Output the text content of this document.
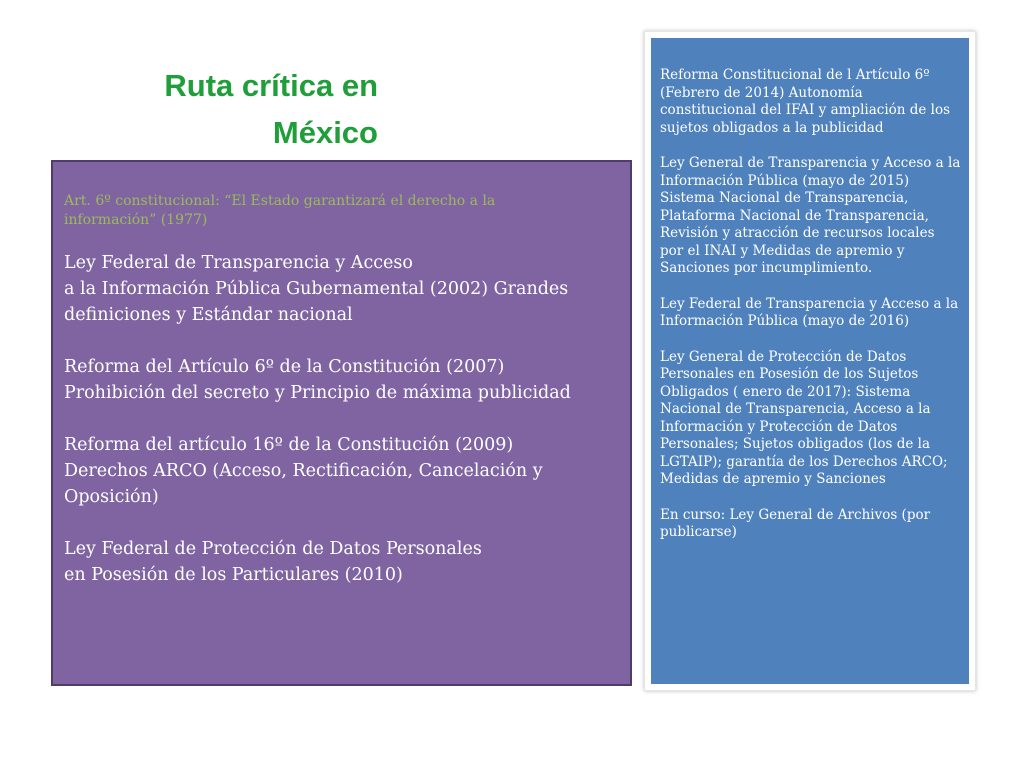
Ruta crítica en
México

Art. 6º constitucional: “El Estado garantizará el derecho a la
información” (1977)

Ley Federal de Transparencia y Acceso
a la Información Pública Gubernamental (2002) Grandes
definiciones y Estándar nacional

Reforma del Artículo 6º de la Constitución (2007)
Prohibición del secreto y Principio de máxima publicidad

Reforma del artículo 16º de la Constitución (2009)
Derechos ARCO (Acceso, Rectificación, Cancelación y
Oposición)

Ley Federal de Protección de Datos Personales
en Posesión de los Particulares (2010)

Reforma Constitucional de l Artículo 6º (Febrero de 2014) Autonomía constitucional del IFAI y ampliación de los sujetos obligados a la publicidad

Ley General de Transparencia y Acceso a la Información Pública (mayo de 2015) Sistema Nacional de Transparencia, Plataforma Nacional de Transparencia, Revisión y atracción de recursos locales por el INAI y Medidas de apremio y Sanciones por incumplimiento.

Ley Federal de Transparencia y Acceso a la Información Pública (mayo de 2016)

Ley General de Protección de Datos Personales en Posesión de los Sujetos Obligados ( enero de 2017): Sistema Nacional de Transparencia, Acceso a la Información y Protección de Datos Personales; Sujetos obligados (los de la LGTAIP); garantía de los Derechos ARCO; Medidas de apremio y Sanciones

En curso: Ley General de Archivos (por publicarse)
